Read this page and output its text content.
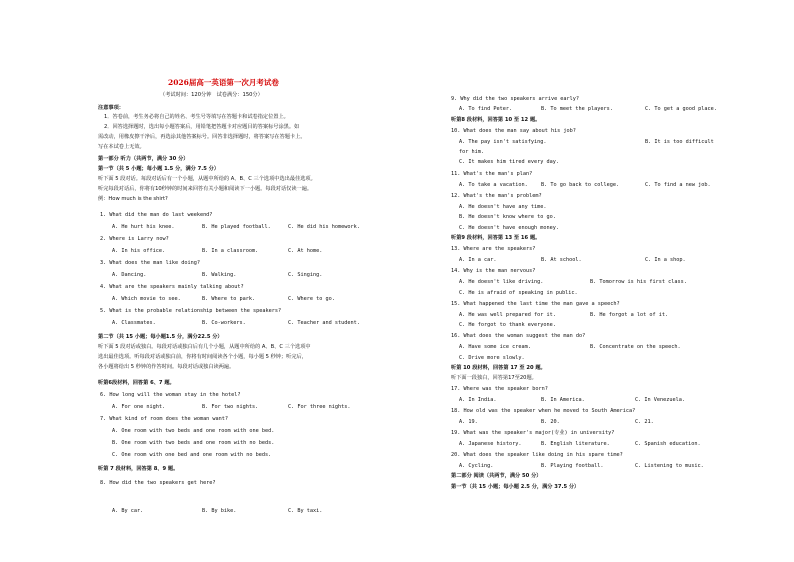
2026届高一英语第一次月考试卷
（考试时间：120分钟　试卷满分：150分）
注意事项：
1．答卷前，考生务必将自己的姓名、考生号等填写在答题卡和试卷指定位置上。
2．回答选择题时，选出每小题答案后，用铅笔把答题卡对应题目的答案标号涂黑。如
需改动，用橡皮擦干净后，再选涂其他答案标号。回答非选择题时，将答案写在答题卡上。
写在本试卷上无效。
第一部分 听力（共两节，满分 30 分）
第一节（共 5 小题；每小题 1.5 分，满分 7.5 分）
听下面 5 段对话。每段对话后有一个小题，从题中所给的 A、B、C 三个选项中选出最佳选项。
听完每段对话后，你将有10秒钟的时间来回答有关小题和阅读下一小题。每段对话仅读一遍。
例：How much is the shirt?
1. What did the man do last weekend?
A. He hurt his knee.	B. He played football.	C. He did his homework.
2. Where is Larry now?
A. In his office.	B. In a classroom.	C. At home.
3. What does the man like doing?
A. Dancing.	B. Walking.	C. Singing.
4. What are the speakers mainly talking about?
A. Which movie to see.	B. Where to park.	C. Where to go.
5. What is the probable relationship between the speakers?
A. Classmates.	B. Co-workers.	C. Teacher and student.
第二节（共 15 小题；每小题1.5 分，满分22.5 分）
听下面 5 段对话或独白。每段对话或独白后有几个小题，从题中所给的 A、B、C 三个选项中
选出最佳选项。听每段对话或独白前，你将有时间阅读各个小题，每小题 5 秒钟；听完后，
各小题将给出 5 秒钟的作答时间。每段对话或独白读两遍。
听第6段材料，回答第 6、7 题。
6. How long will the woman stay in the hotel?
A. For one night.	B. For two nights.	C. For three nights.
7. What kind of room does the woman want?
A. One room with two beds and one room with one bed.
B. One room with two beds and one room with no beds.
C. One room with one bed and one room with no beds.
听第 7 段材料，回答第 8、9 题。
8. How did the two speakers get here?
A. By car.	B. By bike.	C. By taxi.
9. Why did the two speakers arrive early?
A. To find Peter.	B. To meet the players.	C. To get a good place.
听第8 段材料，回答第 10 至 12 题。
10. What does the man say about his job?
A. The pay isn't satisfying.	B. It is too difficult
for him.
C. It makes him tired every day.
11. What's the man's plan?
A. To take a vacation.	B. To go back to college.	C. To find a new job.
12. What's the man's problem?
A. He doesn't have any time.
B. He doesn't know where to go.
C. He doesn't have enough money.
听第9 段材料，回答第 13 至 16 题。
13. Where are the speakers?
A. In a car.	B. At school.	C. In a shop.
14. Why is the man nervous?
A. He doesn't like driving.	B. Tomorrow is his first class.
C. He is afraid of speaking in public.
15. What happened the last time the man gave a speech?
A. He was well prepared for it.	B. He forgot a lot of it.
C. He forgot to thank everyone.
16. What does the woman suggest the man do?
A. Have some ice cream.	B. Concentrate on the speech.
C. Drive more slowly.
听第 10 段材料，回答第 17 至 20 题。
听下面一段独白，回答第17至20题。
17. Where was the speaker born?
A. In India.	B. In America.	C. In Venezuela.
18. How old was the speaker when he moved to South America?
A. 19.	B. 20.	C. 21.
19. What was the speaker's major(专业) in university?
A. Japanese history.	B. English literature.	C. Spanish education.
20. What does the speaker like doing in his spare time?
A. Cycling.	B. Playing football.	C. Listening to music.
第二部分 阅读（共两节，满分 50 分）
第一节（共 15 小题；每小题 2.5 分，满分 37.5 分）
